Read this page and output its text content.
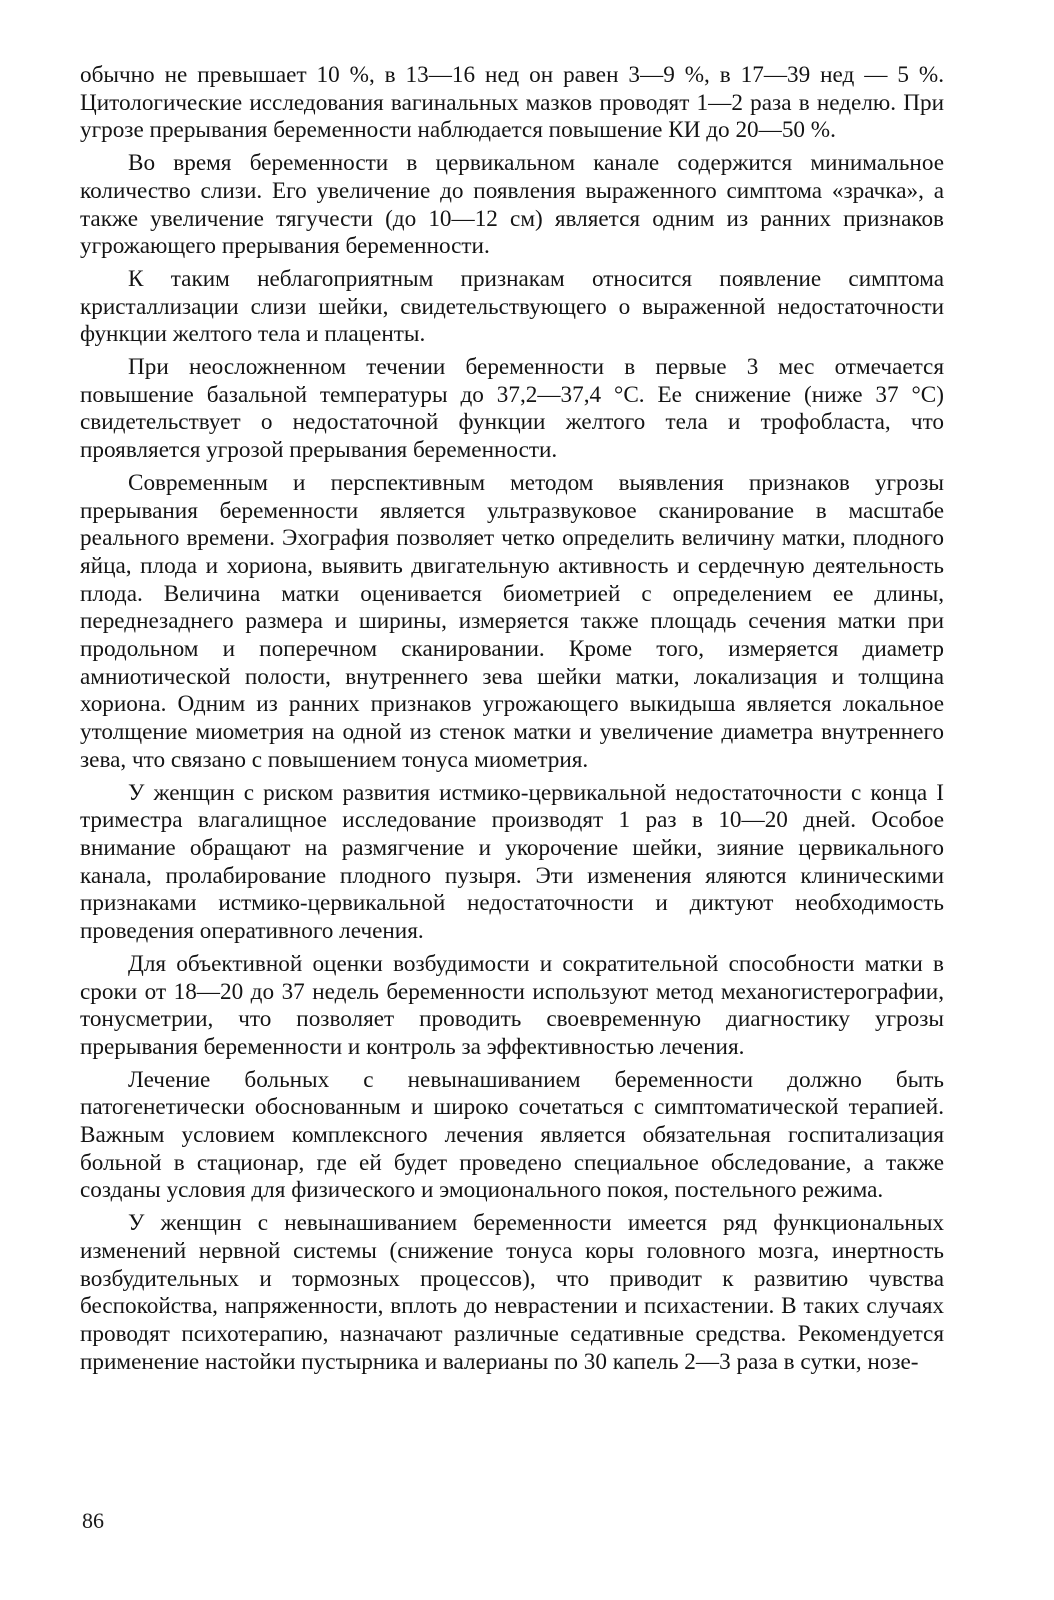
обычно не превышает 10 %, в 13—16 нед он равен 3—9 %, в 17—39 нед — 5 %. Цитологические исследования вагинальных мазков проводят 1—2 раза в неделю. При угрозе прерывания беременности наблюдается повышение КИ до 20—50 %.

Во время беременности в цервикальном канале содержится минимальное количество слизи. Его увеличение до появления выраженного симптома «зрачка», а также увеличение тягучести (до 10—12 см) является одним из ранних признаков угрожающего прерывания беременности.

К таким неблагоприятным признакам относится появление симптома кристаллизации слизи шейки, свидетельствующего о выраженной недостаточности функции желтого тела и плаценты.

При неосложненном течении беременности в первые 3 мес отмечается повышение базальной температуры до 37,2—37,4 °С. Ее снижение (ниже 37 °С) свидетельствует о недостаточной функции желтого тела и трофобласта, что проявляется угрозой прерывания беременности.

Современным и перспективным методом выявления признаков угрозы прерывания беременности является ультразвуковое сканирование в масштабе реального времени. Эхография позволяет четко определить величину матки, плодного яйца, плода и хориона, выявить двигательную активность и сердечную деятельность плода. Величина матки оценивается биометрией с определением ее длины, переднезаднего размера и ширины, измеряется также площадь сечения матки при продольном и поперечном сканировании. Кроме того, измеряется диаметр амниотической полости, внутреннего зева шейки матки, локализация и толщина хориона. Одним из ранних признаков угрожающего выкидыша является локальное утолщение миометрия на одной из стенок матки и увеличение диаметра внутреннего зева, что связано с повышением тонуса миометрия.

У женщин с риском развития истмико-цервикальной недостаточности с конца I триместра влагалищное исследование производят 1 раз в 10—20 дней. Особое внимание обращают на размягчение и укорочение шейки, зияние цервикального канала, пролабирование плодного пузыря. Эти изменения яляются клиническими признаками истмико-цервикальной недостаточности и диктуют необходимость проведения оперативного лечения.

Для объективной оценки возбудимости и сократительной способности матки в сроки от 18—20 до 37 недель беременности используют метод механогистерографии, тонусметрии, что позволяет проводить своевременную диагностику угрозы прерывания беременности и контроль за эффективностью лечения.

Лечение больных с невынашиванием беременности должно быть патогенетически обоснованным и широко сочетаться с симптоматической терапией. Важным условием комплексного лечения является обязательная госпитализация больной в стационар, где ей будет проведено специальное обследование, а также созданы условия для физического и эмоционального покоя, постельного режима.

У женщин с невынашиванием беременности имеется ряд функциональных изменений нервной системы (снижение тонуса коры головного мозга, инертность возбудительных и тормозных процессов), что приводит к развитию чувства беспокойства, напряженности, вплоть до неврастении и психастении. В таких случаях проводят психотерапию, назначают различные седативные средства. Рекомендуется применение настойки пустырника и валерианы по 30 капель 2—3 раза в сутки, нозе-

86
